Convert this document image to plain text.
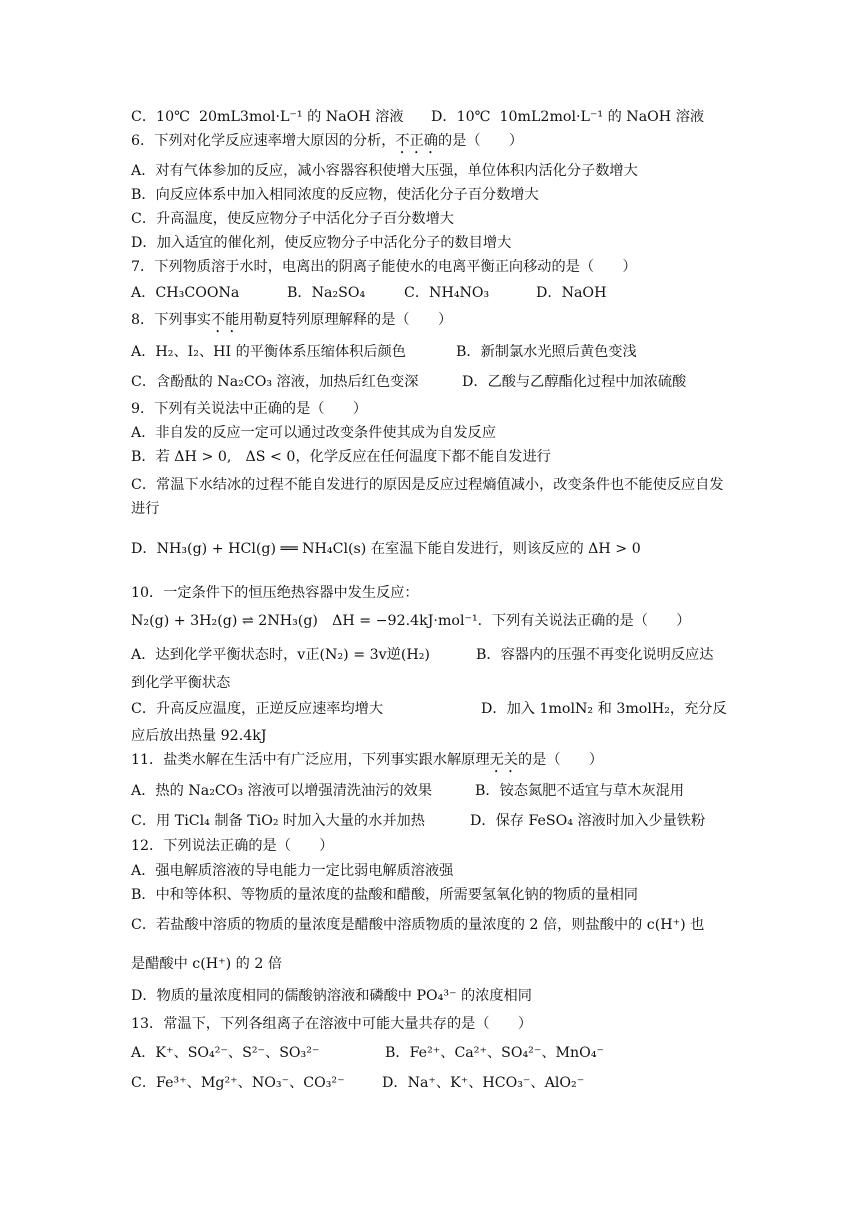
C．10℃  20mL3mol·L⁻¹ 的 NaOH 溶液 D．10℃  10mL2mol·L⁻¹ 的 NaOH 溶液
6．下列对化学反应速率增大原因的分析，不正确的是（　　）
A．对有气体参加的反应，减小容器容积使增大压强，单位体积内活化分子数增大
B．向反应体系中加入相同浓度的反应物，使活化分子百分数增大
C．升高温度，使反应物分子中活化分子百分数增大
D．加入适宜的催化剂，使反应物分子中活化分子的数目增大
7．下列物质溶于水时，电离出的阴离子能使水的电离平衡正向移动的是（　　）
A．CH₃COONa	B．Na₂SO₄	C．NH₄NO₃	D．NaOH
8．下列事实不能用勒夏特列原理解释的是（　　）
A．H₂、I₂、HI 的平衡体系压缩体积后颜色	B．新制氯水光照后黄色变浅
C．含酚酞的 Na₂CO₃ 溶液，加热后红色变深	D．乙酸与乙醇酯化过程中加浓硫酸
9．下列有关说法中正确的是（　　）
A．非自发的反应一定可以通过改变条件使其成为自发反应
B．若 ΔH > 0,　ΔS < 0，化学反应在任何温度下都不能自发进行
C．常温下水结冰的过程不能自发进行的原因是反应过程熵值减小，改变条件也不能使反应自发进行
D．NH₃(g) + HCl(g) ══ NH₄Cl(s) 在室温下能自发进行，则该反应的 ΔH > 0
10．一定条件下的恒压绝热容器中发生反应：
N₂(g) + 3H₂(g) ⇌ 2NH₃(g)　ΔH = −92.4kJ·mol⁻¹．下列有关说法正确的是（　　）
A．达到化学平衡状态时，v正(N₂) = 3v逆(H₂)	B．容器内的压强不再变化说明反应达
到化学平衡状态
C．升高反应温度，正逆反应速率均增大	D．加入 1molN₂ 和 3molH₂，充分反
应后放出热量 92.4kJ
11．盐类水解在生活中有广泛应用，下列事实跟水解原理无关的是（　　）
A．热的 Na₂CO₃ 溶液可以增强清洗油污的效果	B．铵态氮肥不适宜与草木灰混用
C．用 TiCl₄ 制备 TiO₂ 时加入大量的水并加热	D．保存 FeSO₄ 溶液时加入少量铁粉
12．下列说法正确的是（　　）
A．强电解质溶液的导电能力一定比弱电解质溶液强
B．中和等体积、等物质的量浓度的盐酸和醋酸，所需要氢氧化钠的物质的量相同
C．若盐酸中溶质的物质的量浓度是醋酸中溶质物质的量浓度的 2 倍，则盐酸中的 c(H⁺) 也
是醋酸中 c(H⁺) 的 2 倍
D．物质的量浓度相同的儒酸钠溶液和磷酸中 PO₄³⁻ 的浓度相同
13．常温下，下列各组离子在溶液中可能大量共存的是（　　）
A．K⁺、SO₄²⁻、S²⁻、SO₃²⁻	B．Fe²⁺、Ca²⁺、SO₄²⁻、MnO₄⁻
C．Fe³⁺、Mg²⁺、NO₃⁻、CO₃²⁻	D．Na⁺、K⁺、HCO₃⁻、AlO₂⁻
